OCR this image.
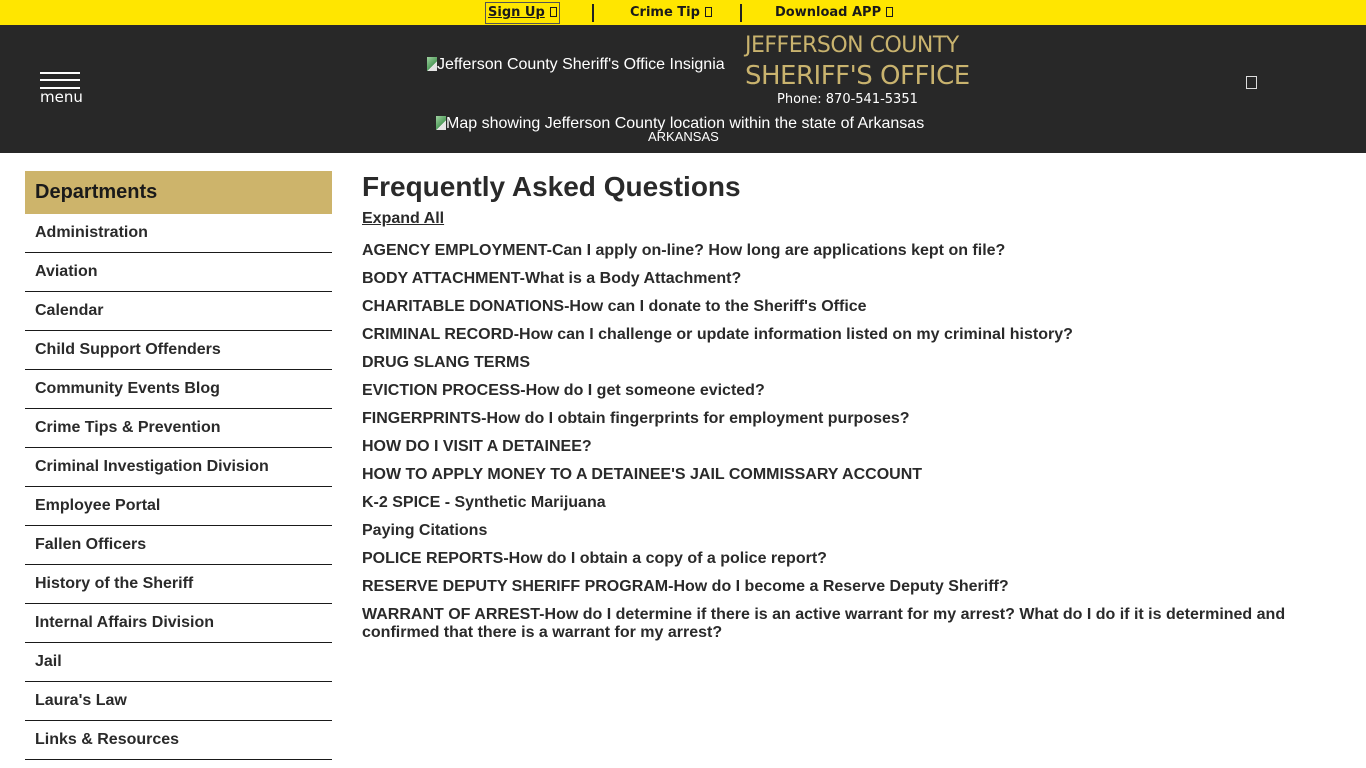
Sign Up	Crime Tip	Download APP
menu
Jefferson County Sheriff's Office Insignia
JEFFERSON COUNTY
SHERIFF'S OFFICE
Phone: 870-541-5351
Map showing Jefferson County location within the state of Arkansas
ARKANSAS
Departments
Administration
Aviation
Calendar
Child Support Offenders
Community Events Blog
Crime Tips & Prevention
Criminal Investigation Division
Employee Portal
Fallen Officers
History of the Sheriff
Internal Affairs Division
Jail
Laura's Law
Links & Resources
Frequently Asked Questions
Expand All
AGENCY EMPLOYMENT-Can I apply on-line? How long are applications kept on file?
BODY ATTACHMENT-What is a Body Attachment?
CHARITABLE DONATIONS-How can I donate to the Sheriff's Office
CRIMINAL RECORD-How can I challenge or update information listed on my criminal history?
DRUG SLANG TERMS
EVICTION PROCESS-How do I get someone evicted?
FINGERPRINTS-How do I obtain fingerprints for employment purposes?
HOW DO I VISIT A DETAINEE?
HOW TO APPLY MONEY TO A DETAINEE'S JAIL COMMISSARY ACCOUNT
K-2 SPICE - Synthetic Marijuana
Paying Citations
POLICE REPORTS-How do I obtain a copy of a police report?
RESERVE DEPUTY SHERIFF PROGRAM-How do I become a Reserve Deputy Sheriff?
WARRANT OF ARREST-How do I determine if there is an active warrant for my arrest? What do I do if it is determined and confirmed that there is a warrant for my arrest?
